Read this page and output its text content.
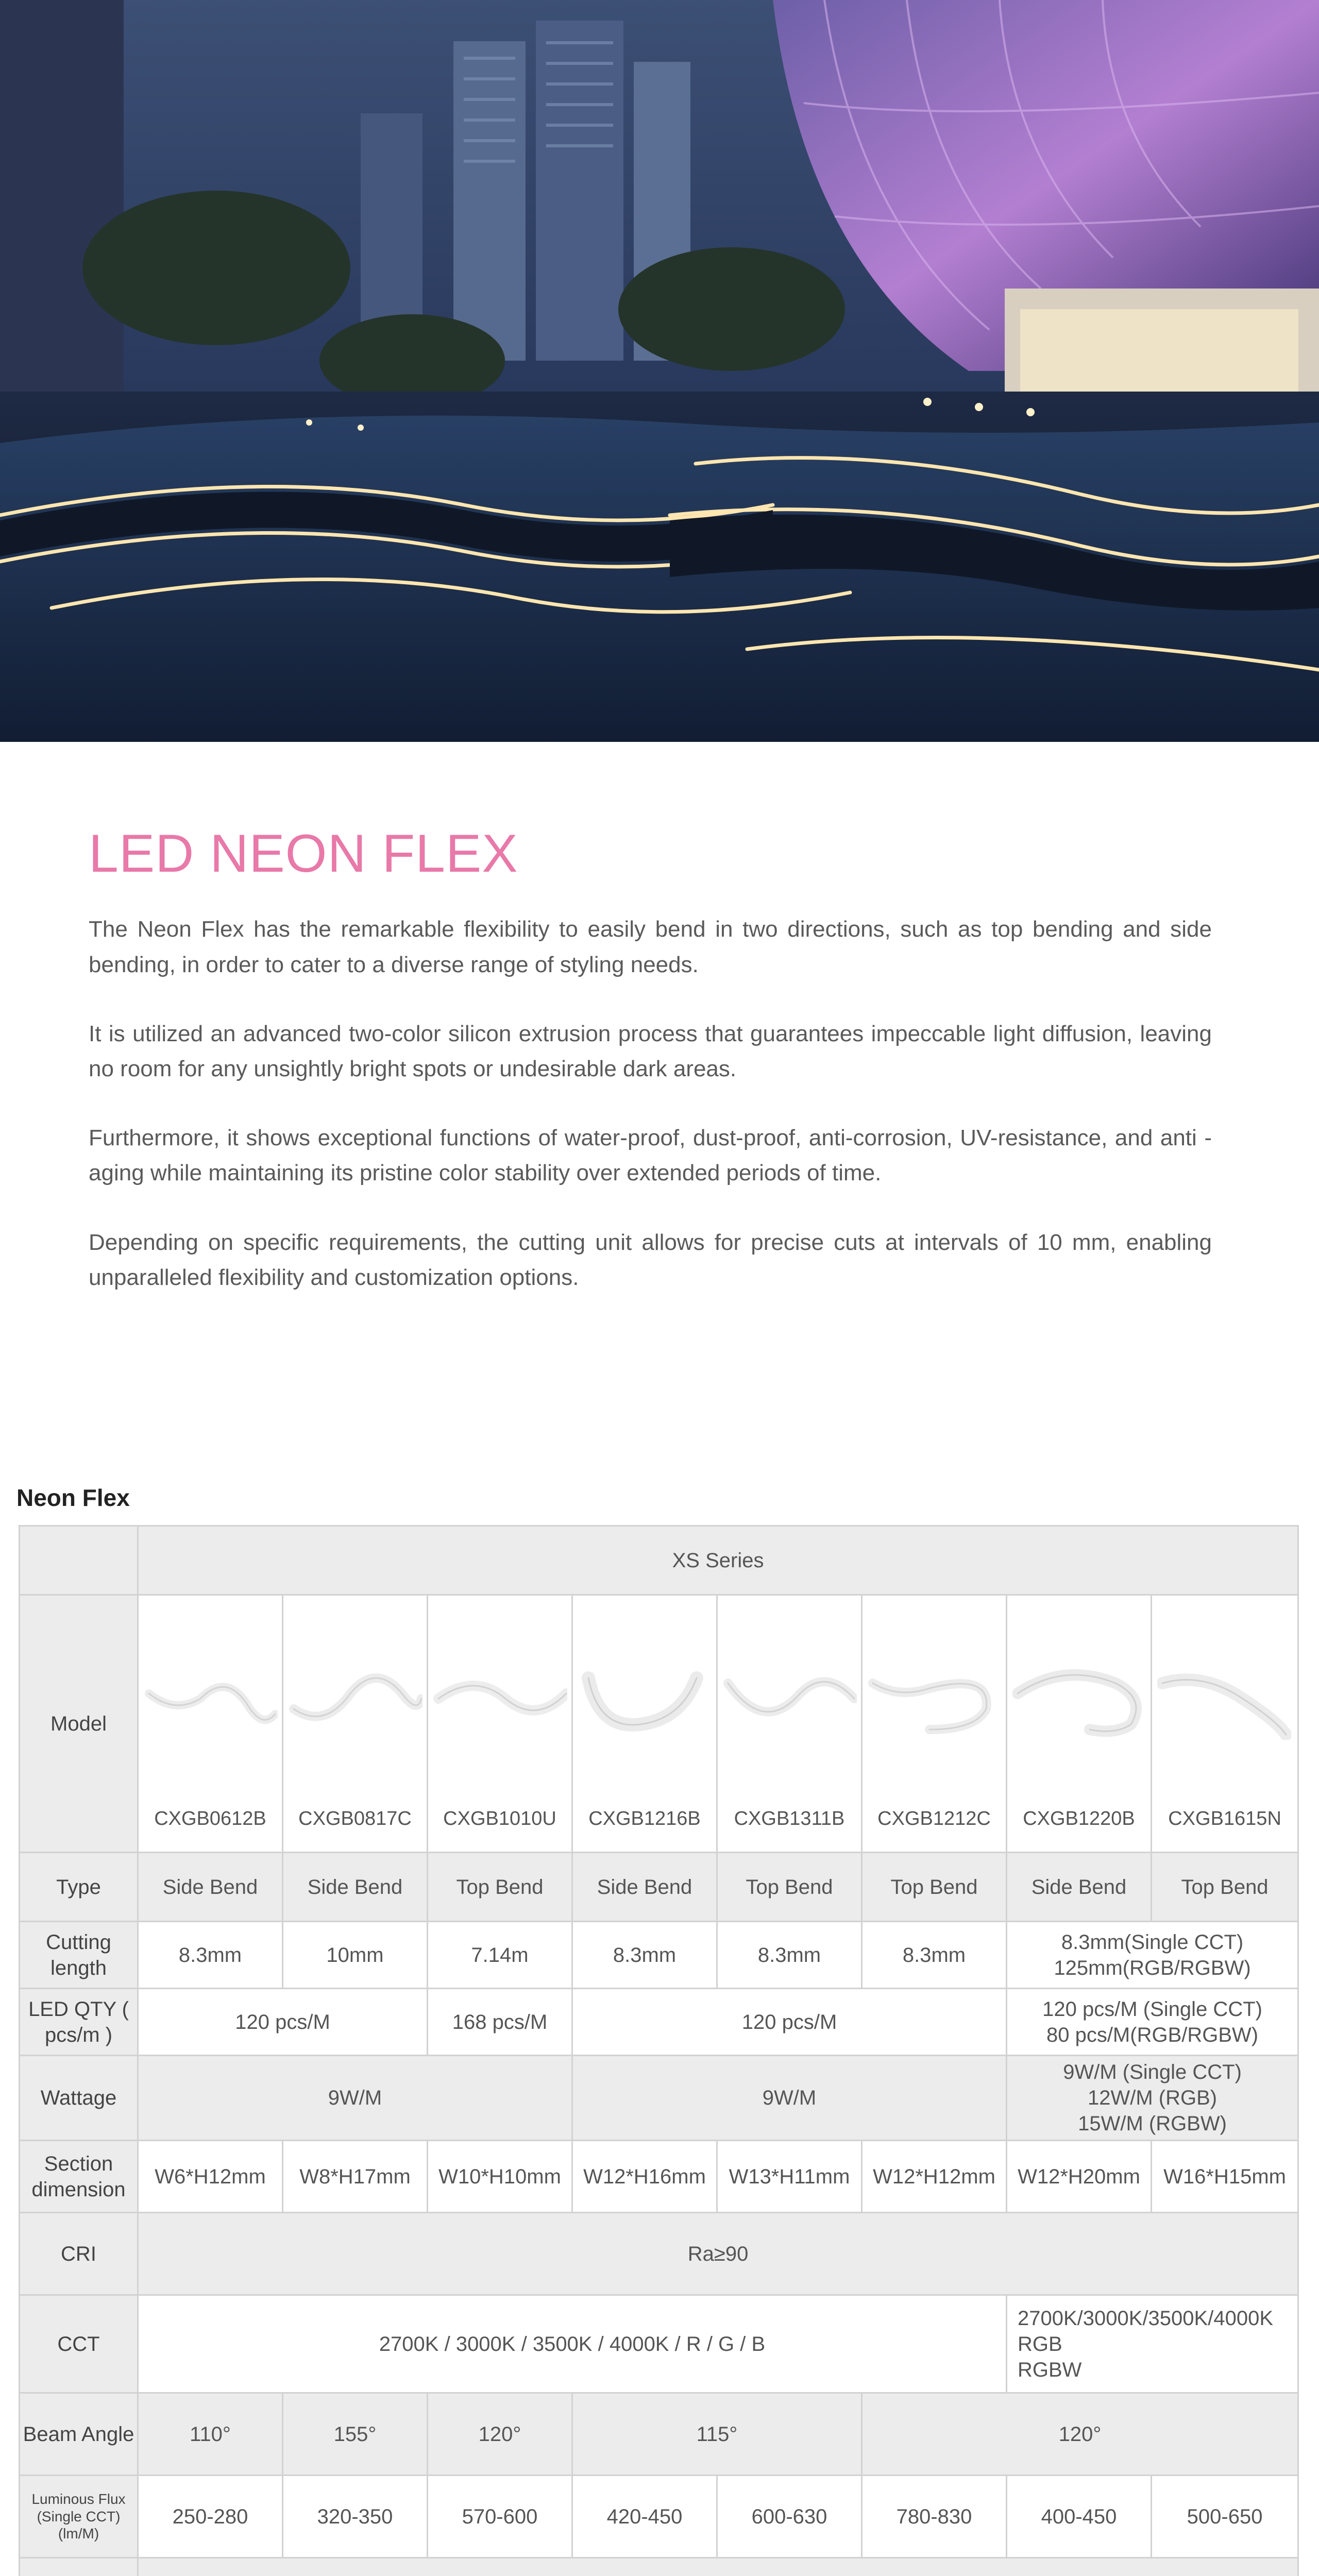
LED NEON FLEX

The Neon Flex has the remarkable flexibility to easily bend in two directions, such as top bending and side bending, in order to cater to a diverse range of styling needs.

It is utilized an advanced two-color silicon extrusion process that guarantees impeccable light diffusion, leaving no room for any unsightly bright spots or undesirable dark areas.

Furthermore, it shows exceptional functions of water-proof, dust-proof, anti-corrosion, UV-resistance, and anti -aging while maintaining its pristine color stability over extended periods of time.

Depending on specific requirements, the cutting unit allows for precise cuts at intervals of 10 mm, enabling unparalleled flexibility and customization options.

Neon Flex
	XS Series							
Model	CXGB0612B	CXGB0817C	CXGB1010U	CXGB1216B	CXGB1311B	CXGB1212C	CXGB1220B	CXGB1615N

Type	Side Bend	Side Bend	Top Bend	Side Bend	Top Bend	Top Bend	Side Bend	Top Bend
Cutting length	8.3mm	10mm	7.14m	8.3mm	8.3mm	8.3mm	8.3mm(Single CCT)
125mm(RGB/RGBW)	

LED QTY ( pcs/m )	120 pcs/M		168 pcs/M	120 pcs/M			120 pcs/M (Single CCT)
80 pcs/M(RGB/RGBW)	

Wattage	9W/M			9W/M			9W/M (Single CCT)
12W/M (RGB)
15W/M (RGBW)	

Section dimension	W6*H12mm	W8*H17mm	W10*H10mm	W12*H16mm	W13*H11mm	W12*H12mm	W12*H20mm	W16*H15mm
CRI	Ra≥90							
CCT	2700K / 3000K / 3500K / 4000K / R / G / B						2700K/3000K/3500K/4000K
RGB
RGBW	

Beam Angle	110°	155°	120°	115°		120°		
Luminous Flux (Single CCT) (lm/M)	250-280	320-350	570-600	420-450	600-630	780-830	400-450	500-650
